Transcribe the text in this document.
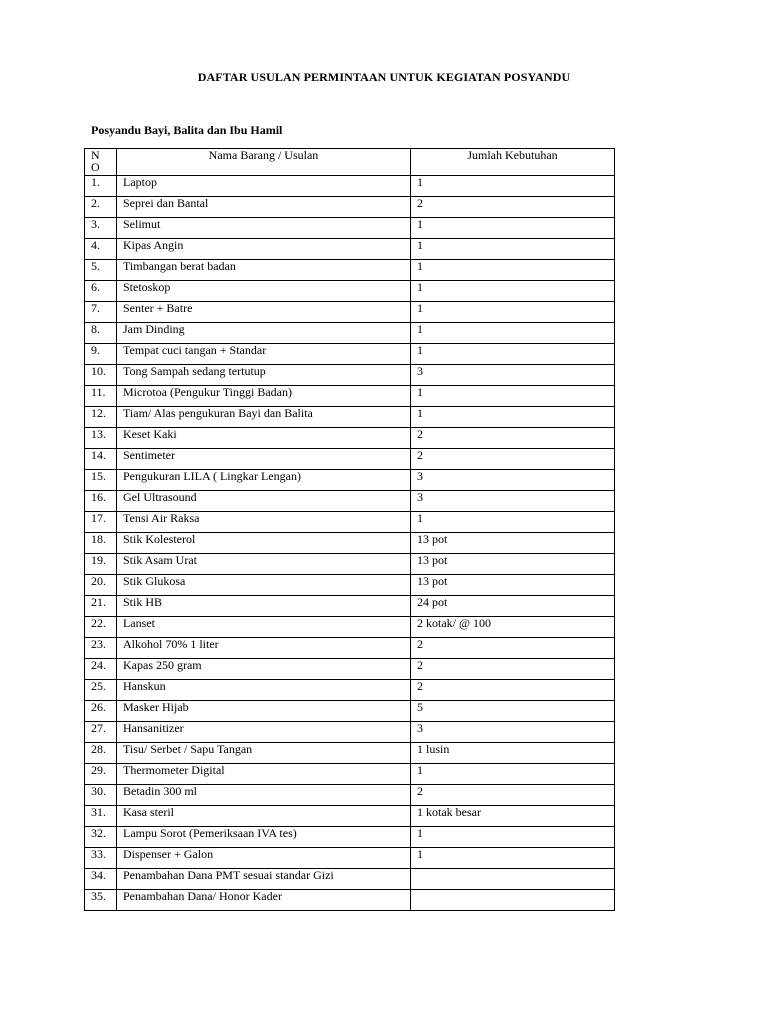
DAFTAR USULAN PERMINTAAN UNTUK KEGIATAN POSYANDU
Posyandu Bayi, Balita dan Ibu Hamil
N
O	Nama Barang / Usulan	Jumlah Kebutuhan
1.	Laptop	1
2.	Seprei dan Bantal	2
3.	Selimut	1
4.	Kipas Angin	1
5.	Timbangan berat badan	1
6.	Stetoskop	1
7.	Senter + Batre	1
8.	Jam Dinding	1
9.	Tempat cuci tangan + Standar	1
10.	Tong Sampah sedang tertutup	3
11.	Microtoa (Pengukur Tinggi Badan)	1
12.	Tiam/ Alas pengukuran Bayi dan Balita	1
13.	Keset Kaki	2
14.	Sentimeter	2
15.	Pengukuran LILA ( Lingkar Lengan)	3
16.	Gel Ultrasound	3
17.	Tensi Air Raksa	1
18.	Stik Kolesterol	13 pot
19.	Stik Asam Urat	13 pot
20.	Stik Glukosa	13 pot
21.	Stik HB	24 pot
22.	Lanset	2 kotak/ @ 100
23.	Alkohol 70% 1 liter	2
24.	Kapas 250 gram	2
25.	Hanskun	2
26.	Masker Hijab	5
27.	Hansanitizer	3
28.	Tisu/ Serbet / Sapu Tangan	1 lusin
29.	Thermometer Digital	1
30.	Betadin 300 ml	2
31.	Kasa steril	1 kotak besar
32.	Lampu Sorot (Pemeriksaan IVA tes)	1
33.	Dispenser + Galon	1
34.	Penambahan Dana PMT sesuai standar Gizi	
35.	Penambahan Dana/ Honor Kader	
